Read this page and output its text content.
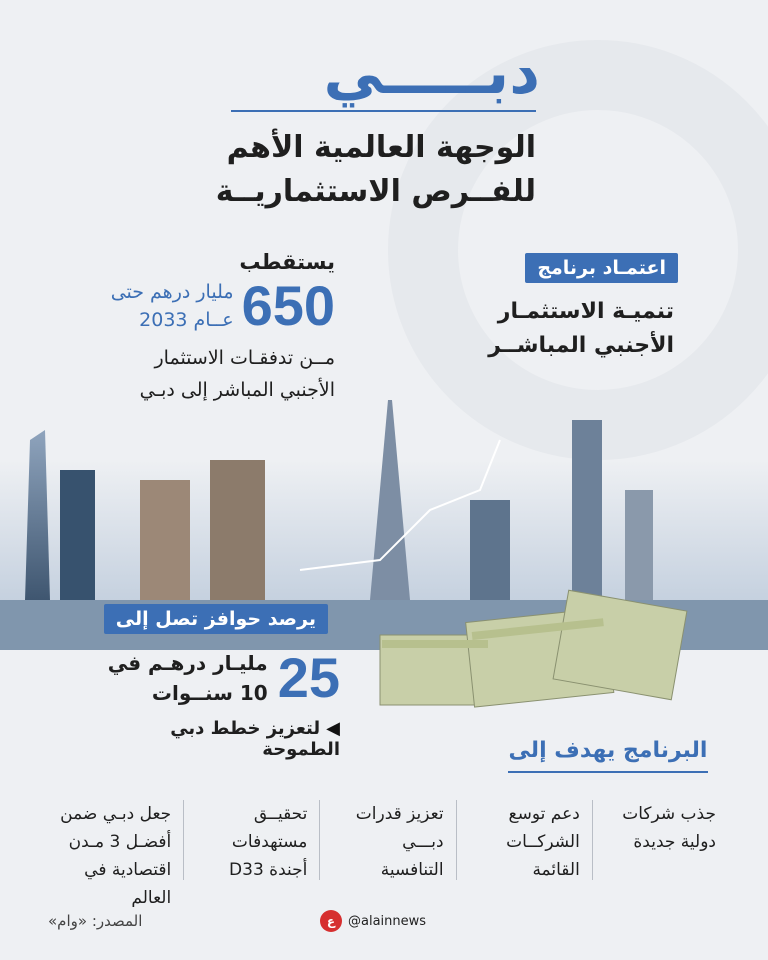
دبـــــي
الوجهة العالمية الأهم
للفــرص الاستثماريــة
اعتمـاد برنامج
تنميـة الاستثمـار
الأجنبي المباشــر
يستقطب
650
مليار درهم حتى
عــام 2033
مــن تدفقـات الاستثمار
الأجنبي المباشر إلى دبـي
يرصد حوافز تصل إلى
25
مليـار درهـم في
10 سنــوات
◀لتعزيز خطط دبي الطموحة	البرنامج يهدف إلى
جذب شركات
دولية جديدة
دعم توسع
الشركــات
القائمة
تعزيز قدرات
دبـــي
التنافسية
تحقيــق
مستهدفات
أجندة D33
جعل دبـي ضمن
أفضـل 3 مـدن
اقتصادية في العالم
المصدر: «وام»	ع @alainnews
